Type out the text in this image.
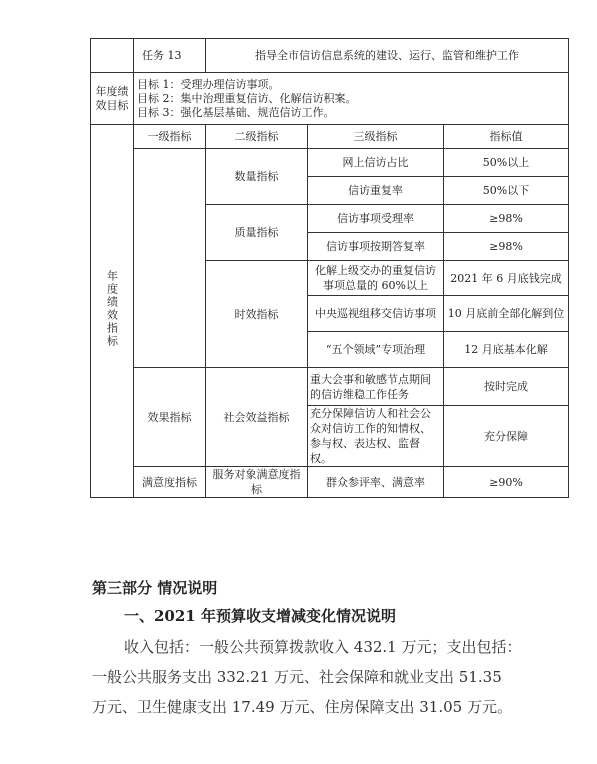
	任务 13	指导全市信访信息系统的建设、运行、监管和维护工作		
年度绩效目标	目标 1：受理办理信访事项。
目标 2：集中治理重复信访、化解信访积案。
目标 3：强化基层基础、规范信访工作。			

年度绩效指标	一级指标	二级指标	三级指标	指标值
		数量指标	网上信访占比	50%以上
			信访重复率	50%以下
		质量指标	信访事项受理率	≥98%
			信访事项按期答复率	≥98%
		时效指标	化解上级交办的重复信访事项总量的 60%以上	2021 年 6 月底钱完成
			中央巡视组移交信访事项	10 月底前全部化解到位
			“五个领域”专项治理	12 月底基本化解
	效果指标	社会效益指标	重大会事和敏感节点期间的信访维稳工作任务	按时完成
			充分保障信访人和社会公众对信访工作的知情权、参与权、表达权、监督权。	充分保障
	满意度指标	服务对象满意度指标	群众参评率、满意率	≥90%
第三部分 情况说明
一、2021 年预算收支增减变化情况说明
收入包括：一般公共预算拨款收入 432.1 万元；支出包括：
一般公共服务支出 332.21 万元、社会保障和就业支出 51.35
万元、卫生健康支出 17.49 万元、住房保障支出 31.05 万元。
